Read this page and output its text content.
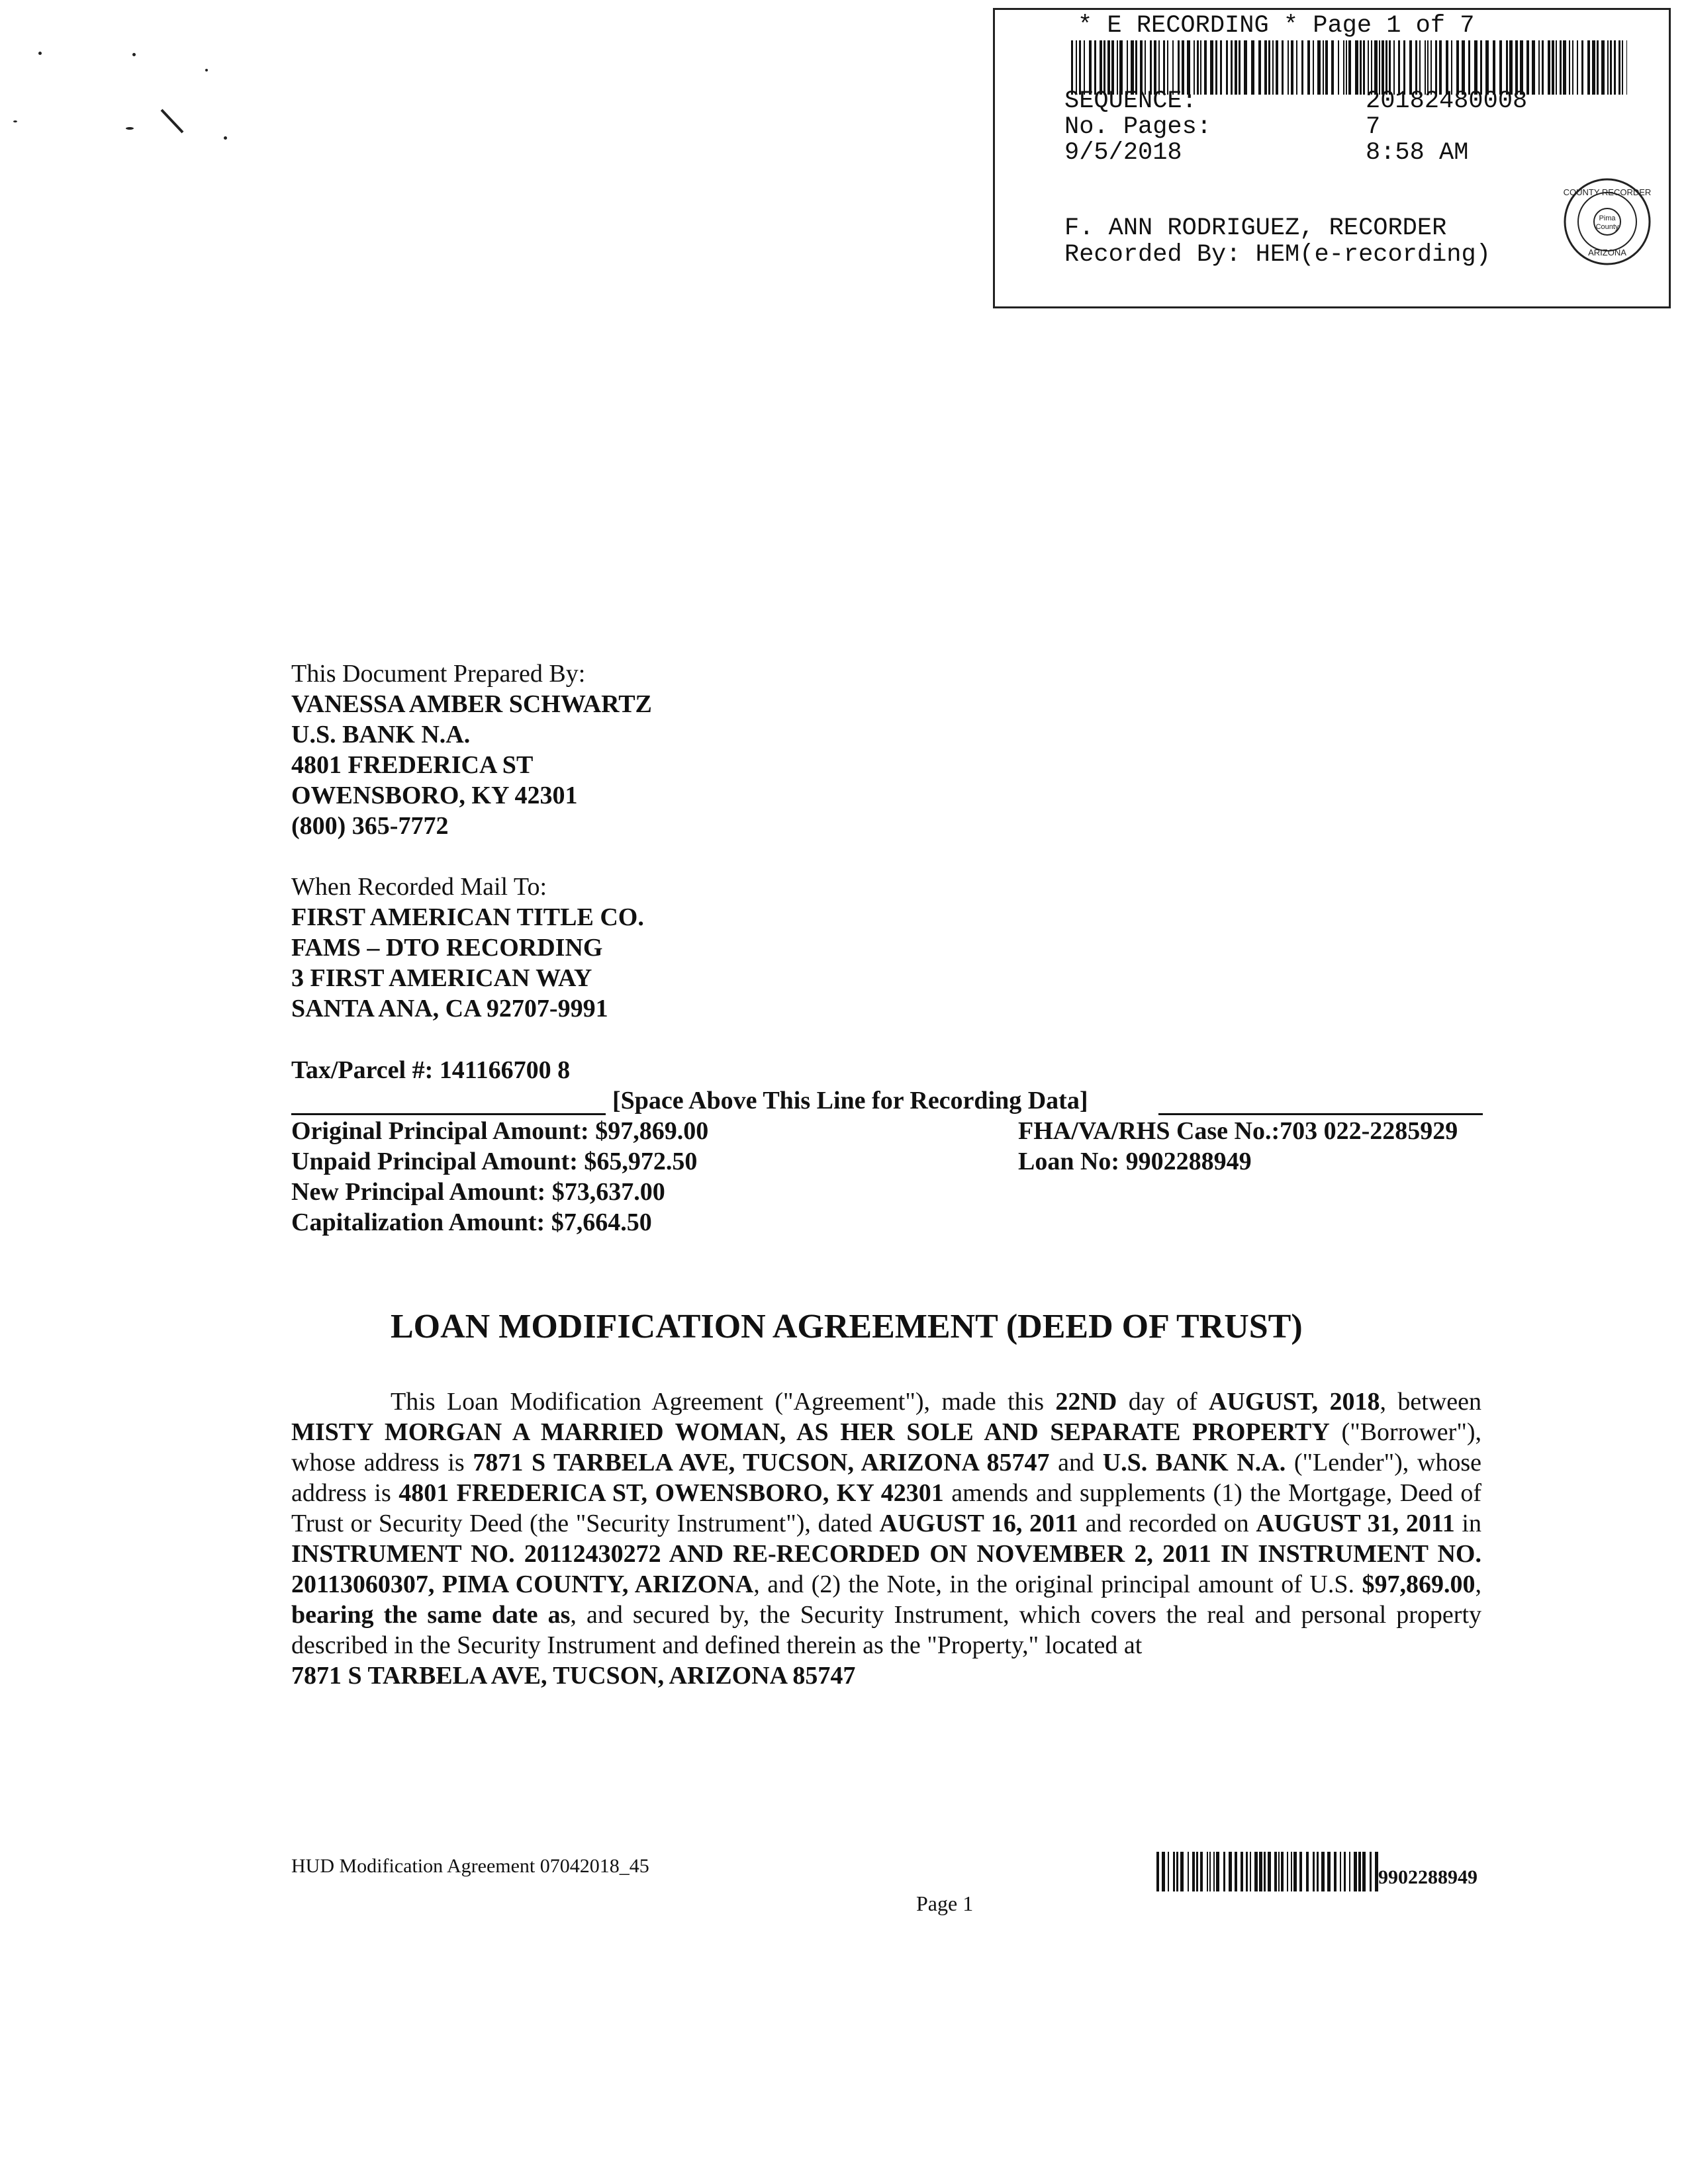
* E RECORDING * Page 1 of 7
SEQUENCE:	20182480008
No. Pages:	7
9/5/2018	8:58 AM
F. ANN RODRIGUEZ, RECORDER
Recorded By: HEM(e-recording)
COUNTY RECORDER
Pima
County
ARIZONA
This Document Prepared By:
VANESSA AMBER SCHWARTZ
U.S. BANK N.A.
4801 FREDERICA ST
OWENSBORO, KY 42301
(800) 365-7772
When Recorded Mail To:
FIRST AMERICAN TITLE CO.
FAMS – DTO RECORDING
3 FIRST AMERICAN WAY
SANTA ANA, CA 92707-9991
Tax/Parcel #: 141166700 8
[Space Above This Line for Recording Data]
Original Principal Amount: $97,869.00
Unpaid Principal Amount: $65,972.50
New Principal Amount: $73,637.00
Capitalization Amount: $7,664.50
FHA/VA/RHS Case No.:703 022-2285929
Loan No: 9902288949
LOAN MODIFICATION AGREEMENT (DEED OF TRUST)
This Loan Modification Agreement ("Agreement"), made this 22ND day of AUGUST, 2018, between MISTY MORGAN A MARRIED WOMAN, AS HER SOLE AND SEPARATE PROPERTY ("Borrower"), whose address is 7871 S TARBELA AVE, TUCSON, ARIZONA 85747 and U.S. BANK N.A. ("Lender"), whose address is 4801 FREDERICA ST, OWENSBORO, KY 42301 amends and supplements (1) the Mortgage, Deed of Trust or Security Deed (the "Security Instrument"), dated AUGUST 16, 2011 and recorded on AUGUST 31, 2011 in INSTRUMENT NO. 20112430272 AND RE-RECORDED ON NOVEMBER 2, 2011 IN INSTRUMENT NO. 20113060307, PIMA COUNTY, ARIZONA, and (2) the Note, in the original principal amount of U.S. $97,869.00, bearing the same date as, and secured by, the Security Instrument, which covers the real and personal property described in the Security Instrument and defined therein as the "Property," located at
7871 S TARBELA AVE, TUCSON, ARIZONA 85747
HUD Modification Agreement 07042018_45
9902288949
Page 1
